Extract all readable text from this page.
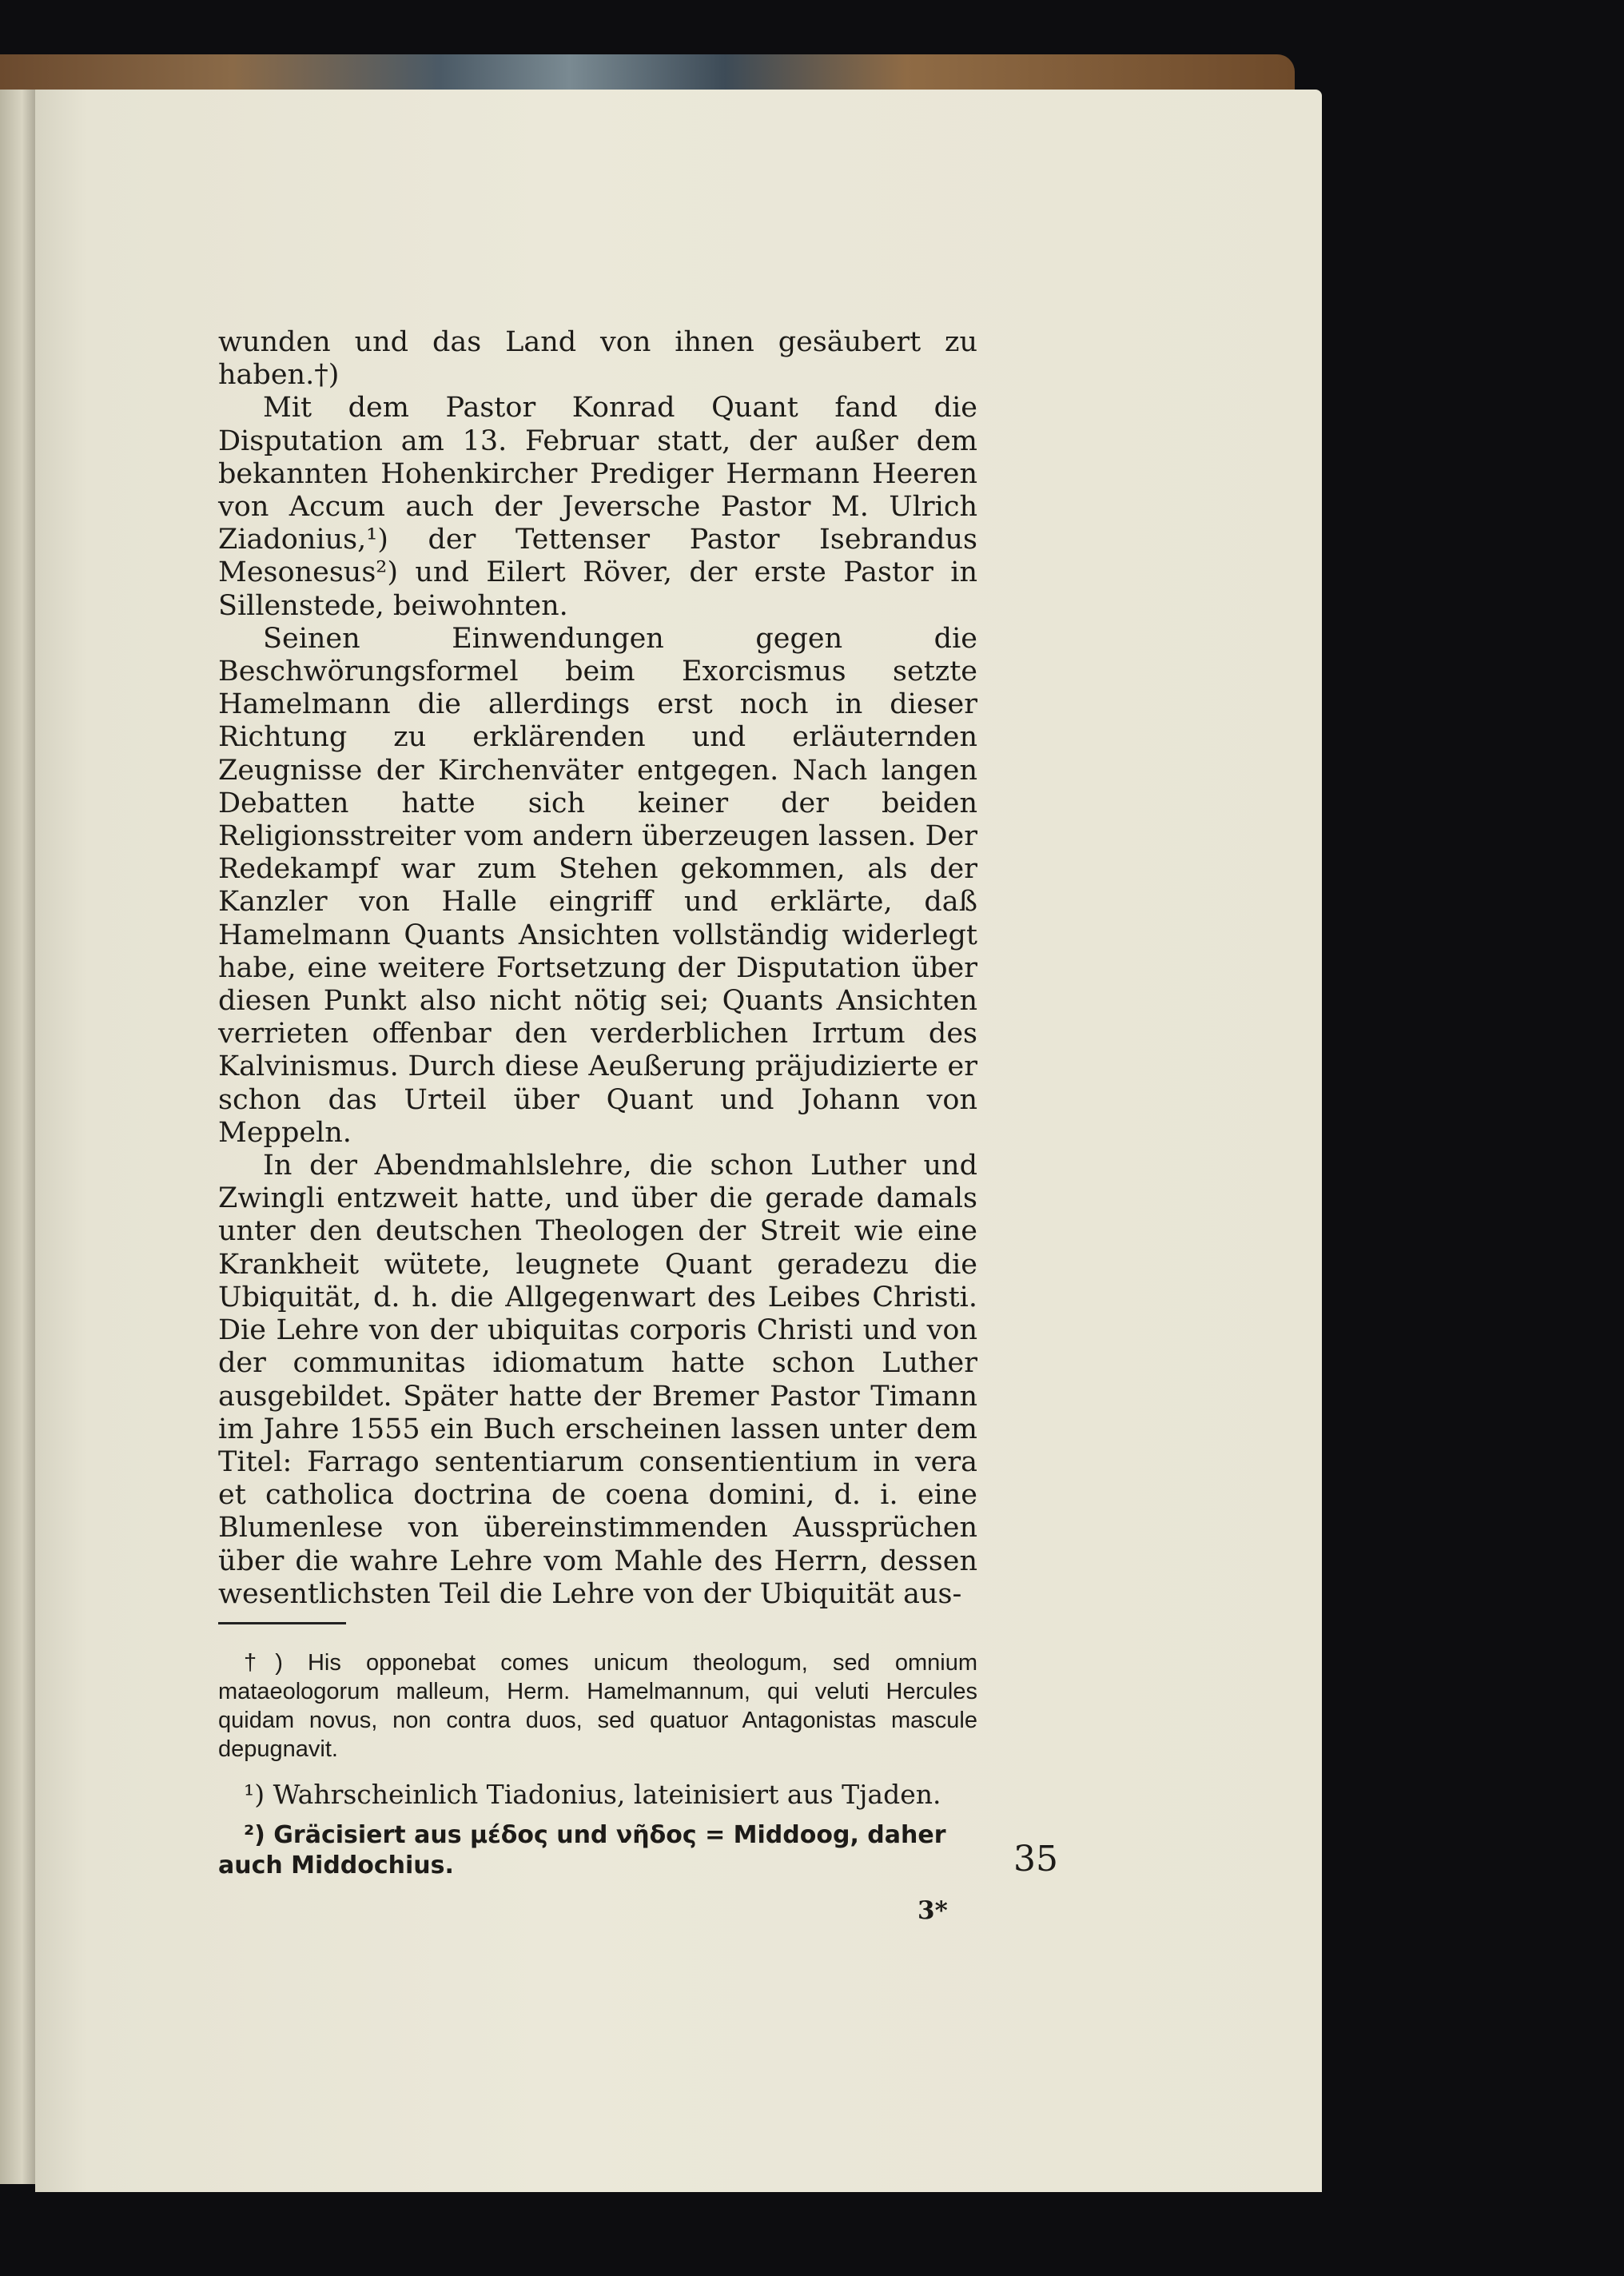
wunden und das Land von ihnen gesäubert zu haben.†)

Mit dem Pastor Konrad Quant fand die Disputation am 13. Februar statt, der außer dem bekannten Hohenkircher Prediger Hermann Heeren von Accum auch der Jeversche Pastor M. Ulrich Ziadonius,¹) der Tettenser Pastor Isebrandus Mesonesus²) und Eilert Röver, der erste Pastor in Sillenstede, beiwohnten.

Seinen Einwendungen gegen die Beschwörungsformel beim Exorcismus setzte Hamelmann die allerdings erst noch in dieser Richtung zu erklärenden und erläuternden Zeugnisse der Kirchenväter entgegen. Nach langen Debatten hatte sich keiner der beiden Religionsstreiter vom andern überzeugen lassen. Der Redekampf war zum Stehen gekommen, als der Kanzler von Halle eingriff und erklärte, daß Hamelmann Quants Ansichten vollständig widerlegt habe, eine weitere Fortsetzung der Disputation über diesen Punkt also nicht nötig sei; Quants Ansichten verrieten offenbar den verderblichen Irrtum des Kalvinismus. Durch diese Aeußerung präjudizierte er schon das Urteil über Quant und Johann von Meppeln.

In der Abendmahlslehre, die schon Luther und Zwingli entzweit hatte, und über die gerade damals unter den deutschen Theologen der Streit wie eine Krankheit wütete, leugnete Quant geradezu die Ubiquität, d. h. die Allgegenwart des Leibes Christi. Die Lehre von der ubiquitas corporis Christi und von der communitas idiomatum hatte schon Luther ausgebildet. Später hatte der Bremer Pastor Timann im Jahre 1555 ein Buch erscheinen lassen unter dem Titel: Farrago sententiarum consentientium in vera et catholica doctrina de coena domini, d. i. eine Blumenlese von übereinstimmenden Aussprüchen über die wahre Lehre vom Mahle des Herrn, dessen wesentlichsten Teil die Lehre von der Ubiquität aus-

†) His opponebat comes unicum theologum, sed omnium mataeologorum malleum, Herm. Hamelmannum, qui veluti Hercules quidam novus, non contra duos, sed quatuor Antagonistas mascule depugnavit.

¹) Wahrscheinlich Tiadonius, lateinisiert aus Tjaden.

²) Gräcisiert aus μέδος und νῆδος = Middoog, daher auch Middochius.	35
3*
